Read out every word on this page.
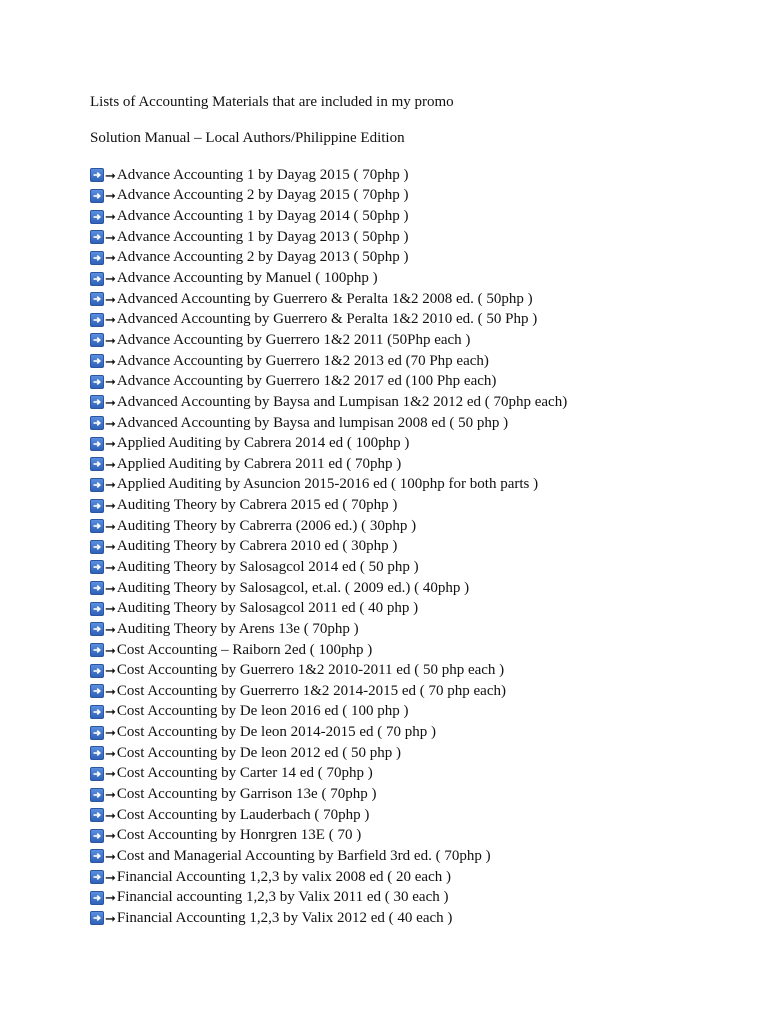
Lists of Accounting Materials that are included in my promo

Solution Manual – Local Authors/Philippine Edition

➞ Advance Accounting 1 by Dayag 2015 ( 70php )
➞ Advance Accounting 2 by Dayag 2015 ( 70php )
➞ Advance Accounting 1 by Dayag 2014 ( 50php )
➞ Advance Accounting 1 by Dayag 2013 ( 50php )
➞ Advance Accounting 2 by Dayag 2013 ( 50php )
➞ Advance Accounting by Manuel ( 100php )
➞ Advanced Accounting by Guerrero & Peralta 1&2 2008 ed. ( 50php )
➞ Advanced Accounting by Guerrero & Peralta 1&2 2010 ed. ( 50 Php )
➞ Advance Accounting by Guerrero 1&2 2011 (50Php each )
➞ Advance Accounting by Guerrero 1&2 2013 ed (70 Php each)
➞ Advance Accounting by Guerrero 1&2 2017 ed (100 Php each)
➞ Advanced Accounting by Baysa and Lumpisan 1&2 2012 ed ( 70php each)
➞ Advanced Accounting by Baysa and lumpisan 2008 ed ( 50 php )
➞ Applied Auditing by Cabrera 2014 ed ( 100php )
➞ Applied Auditing by Cabrera 2011 ed ( 70php )
➞ Applied Auditing by Asuncion 2015-2016 ed ( 100php for both parts )
➞ Auditing Theory by Cabrera 2015 ed ( 70php )
➞ Auditing Theory by Cabrerra (2006 ed.) ( 30php )
➞ Auditing Theory by Cabrera 2010 ed ( 30php )
➞ Auditing Theory by Salosagcol 2014 ed ( 50 php )
➞ Auditing Theory by Salosagcol, et.al. ( 2009 ed.) ( 40php )
➞ Auditing Theory by Salosagcol 2011 ed ( 40 php )
➞ Auditing Theory by Arens 13e ( 70php )
➞ Cost Accounting – Raiborn 2ed ( 100php )
➞ Cost Accounting by Guerrero 1&2 2010-2011 ed ( 50 php each )
➞ Cost Accounting by Guerrerro 1&2 2014-2015 ed ( 70 php each)
➞ Cost Accounting by De leon 2016 ed ( 100 php )
➞ Cost Accounting by De leon 2014-2015 ed ( 70 php )
➞ Cost Accounting by De leon 2012 ed ( 50 php )
➞ Cost Accounting by Carter 14 ed ( 70php )
➞ Cost Accounting by Garrison 13e ( 70php )
➞ Cost Accounting by Lauderbach ( 70php )
➞ Cost Accounting by Honrgren 13E ( 70 )
➞ Cost and Managerial Accounting by Barfield 3rd ed. ( 70php )
➞ Financial Accounting 1,2,3 by valix 2008 ed ( 20 each )
➞ Financial accounting 1,2,3 by Valix 2011 ed ( 30 each )
➞ Financial Accounting 1,2,3 by Valix 2012 ed ( 40 each )
